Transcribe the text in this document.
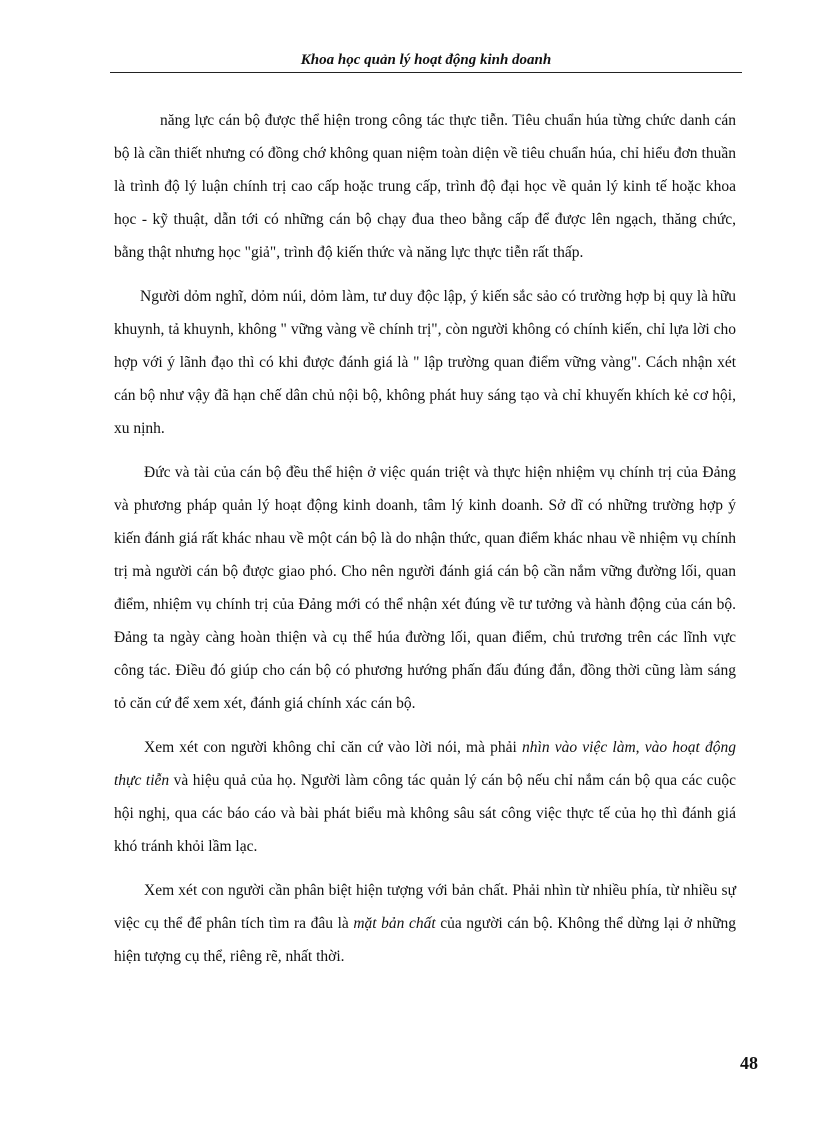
Khoa học quản lý hoạt động kinh doanh

năng lực cán bộ được thể hiện trong công tác thực tiễn. Tiêu chuẩn húa từng chức danh cán bộ là cần thiết nhưng có đồng chớ không quan niệm toàn diện về tiêu chuẩn húa, chỉ hiểu đơn thuần là trình độ lý luận chính trị cao cấp hoặc trung cấp, trình độ đại học về quản lý kinh tế hoặc khoa học - kỹ thuật, dẫn tới có những cán bộ chạy đua theo bằng cấp để được lên ngạch, thăng chức, bằng thật nhưng học "giả", trình độ kiến thức và năng lực thực tiễn rất thấp.

Người dỏm nghĩ, dỏm núi, dỏm làm, tư duy độc lập, ý kiến sắc sảo có trường hợp bị quy là hữu khuynh, tả khuynh, không " vững vàng về chính trị", còn người không có chính kiến, chỉ lựa lời cho hợp với ý lãnh đạo thì có khi được đánh giá là " lập trường quan điểm vững vàng". Cách nhận xét cán bộ như vậy đã hạn chế dân chủ nội bộ, không phát huy sáng tạo và chỉ khuyến khích kẻ cơ hội, xu nịnh.

Đức và tài của cán bộ đều thể hiện ở việc quán triệt và thực hiện nhiệm vụ chính trị của Đảng và phương pháp quản lý hoạt động kinh doanh, tâm lý kinh doanh. Sở dĩ có những trường hợp ý kiến đánh giá rất khác nhau về một cán bộ là do nhận thức, quan điểm khác nhau về nhiệm vụ chính trị mà người cán bộ được giao phó. Cho nên người đánh giá cán bộ cần nắm vững đường lối, quan điểm, nhiệm vụ chính trị của Đảng mới có thể nhận xét đúng về tư tưởng và hành động của cán bộ. Đảng ta ngày càng hoàn thiện và cụ thể húa đường lối, quan điểm, chủ trương trên các lĩnh vực công tác. Điều đó giúp cho cán bộ có phương hướng phấn đấu đúng đắn, đồng thời cũng làm sáng tỏ căn cứ để xem xét, đánh giá chính xác cán bộ.

Xem xét con người không chỉ căn cứ vào lời nói, mà phải nhìn vào việc làm, vào hoạt động thực tiễn và hiệu quả của họ. Người làm công tác quản lý cán bộ nếu chỉ nắm cán bộ qua các cuộc hội nghị, qua các báo cáo và bài phát biểu mà không sâu sát công việc thực tế của họ thì đánh giá khó tránh khỏi lầm lạc.

Xem xét con người cần phân biệt hiện tượng với bản chất. Phải nhìn từ nhiều phía, từ nhiều sự việc cụ thể để phân tích tìm ra đâu là mặt bản chất của người cán bộ. Không thể dừng lại ở những hiện tượng cụ thể, riêng rẽ, nhất thời.

48
